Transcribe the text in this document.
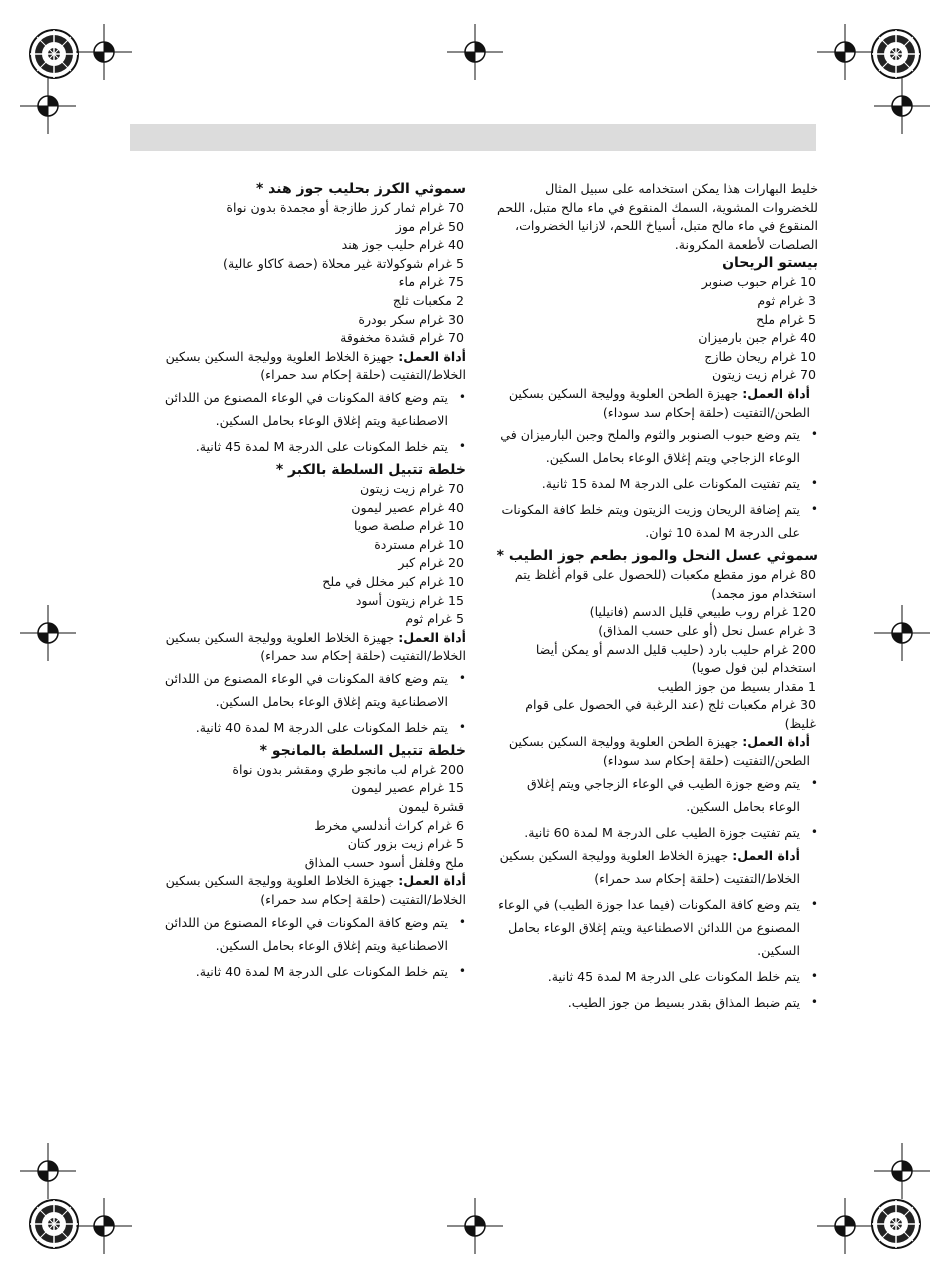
خليط البهارات هذا يمكن استخدامه على سبيل المثال للخضروات المشوية، السمك المنقوع في ماء مالح متبل، اللحم المنقوع في ماء مالح متبل، أسياخ اللحم، لازانيا الخضروات، الصلصات لأطعمة المكرونة.

بيستو الريحان

10 غرام حبوب صنوبر

3 غرام ثوم

5 غرام ملح

40 غرام جبن بارميزان

10 غرام ريحان طازج

70 غرام زيت زيتون

أداة العمل: جهيزة الطحن العلوية ووليجة السكين بسكين الطحن/التفتيت (حلقة إحكام سد سوداء)

• يتم وضع حبوب الصنوبر والثوم والملح وجبن البارميزان في الوعاء الزجاجي ويتم إغلاق الوعاء بحامل السكين.
• يتم تفتيت المكونات على الدرجة M لمدة 15 ثانية.
• يتم إضافة الريحان وزيت الزيتون ويتم خلط كافة المكونات على الدرجة M لمدة 10 ثوان.
سموثي عسل النحل والموز بطعم جوز الطيب *

80 غرام موز مقطع مكعبات (للحصول على قوام أغلظ يتم استخدام موز مجمد)

120 غرام روب طبيعي قليل الدسم (فانيليا)

3 غرام عسل نحل (أو على حسب المذاق)

200 غرام حليب بارد (حليب قليل الدسم أو يمكن أيضا استخدام لبن فول صويا)

1 مقدار بسيط من جوز الطيب

30 غرام مكعبات ثلج (عند الرغبة في الحصول على قوام غليظ)

أداة العمل: جهيزة الطحن العلوية ووليجة السكين بسكين الطحن/التفتيت (حلقة إحكام سد سوداء)

• يتم وضع جوزة الطيب في الوعاء الزجاجي ويتم إغلاق الوعاء بحامل السكين.
• يتم تفتيت جوزة الطيب على الدرجة M لمدة 60 ثانية.
أداة العمل: جهيزة الخلاط العلوية ووليجة السكين بسكين الخلاط/التفتيت (حلقة إحكام سد حمراء)
• يتم وضع كافة المكونات (فيما عدا جوزة الطيب) في الوعاء المصنوع من اللدائن الاصطناعية ويتم إغلاق الوعاء بحامل السكين.
• يتم خلط المكونات على الدرجة M لمدة 45 ثانية.
• يتم ضبط المذاق بقدر بسيط من جوز الطيب.
سموثي الكرز بحليب جوز هند *

70 غرام ثمار كرز طازجة أو مجمدة بدون نواة

50 غرام موز

40 غرام حليب جوز هند

5 غرام شوكولاتة غير محلاة (حصة كاكاو عالية)

75 غرام ماء

2 مكعبات ثلج

30 غرام سكر بودرة

70 غرام قشدة مخفوقة

أداة العمل: جهيزة الخلاط العلوية ووليجة السكين بسكين الخلاط/التفتيت (حلقة إحكام سد حمراء)

• يتم وضع كافة المكونات في الوعاء المصنوع من اللدائن الاصطناعية ويتم إغلاق الوعاء بحامل السكين.
• يتم خلط المكونات على الدرجة M لمدة 45 ثانية.
خلطة تتبيل السلطة بالكبر *

70 غرام زيت زيتون

40 غرام عصير ليمون

10 غرام صلصة صويا

10 غرام مستردة

20 غرام كبر

10 غرام كبر مخلل في ملح

15 غرام زيتون أسود

5 غرام ثوم

أداة العمل: جهيزة الخلاط العلوية ووليجة السكين بسكين الخلاط/التفتيت (حلقة إحكام سد حمراء)

• يتم وضع كافة المكونات في الوعاء المصنوع من اللدائن الاصطناعية ويتم إغلاق الوعاء بحامل السكين.
• يتم خلط المكونات على الدرجة M لمدة 40 ثانية.
خلطة تتبيل السلطة بالمانجو *

200 غرام لب مانجو طري ومقشر بدون نواة

15 غرام عصير ليمون

قشرة ليمون

6 غرام كراث أندلسي مخرط

5 غرام زيت بزور كتان

ملح وفلفل أسود حسب المذاق

أداة العمل: جهيزة الخلاط العلوية ووليجة السكين بسكين الخلاط/التفتيت (حلقة إحكام سد حمراء)

• يتم وضع كافة المكونات في الوعاء المصنوع من اللدائن الاصطناعية ويتم إغلاق الوعاء بحامل السكين.
• يتم خلط المكونات على الدرجة M لمدة 40 ثانية.
